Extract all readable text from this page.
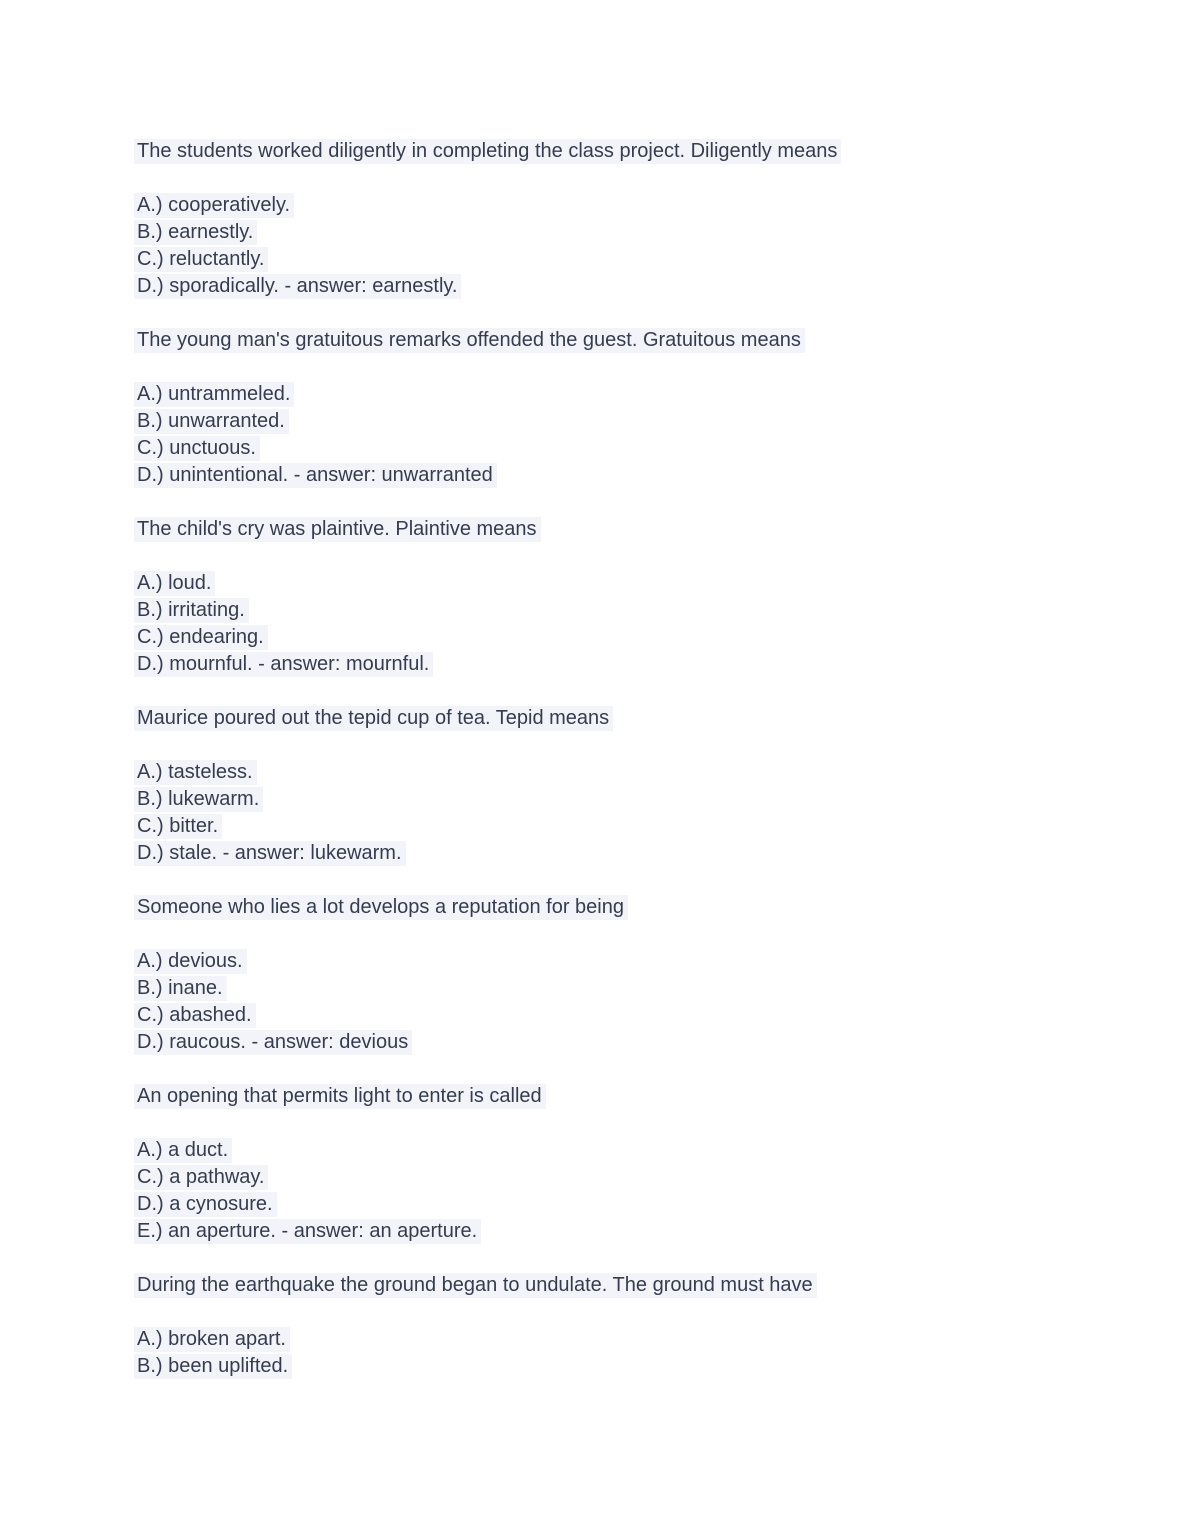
The students worked diligently in completing the class project. Diligently means
A.) cooperatively.
B.) earnestly.
C.) reluctantly.
D.) sporadically. - answer: earnestly.
The young man's gratuitous remarks offended the guest. Gratuitous means
A.) untrammeled.
B.) unwarranted.
C.) unctuous.
D.) unintentional. - answer: unwarranted
The child's cry was plaintive. Plaintive means
A.) loud.
B.) irritating.
C.) endearing.
D.) mournful. - answer: mournful.
Maurice poured out the tepid cup of tea. Tepid means
A.) tasteless.
B.) lukewarm.
C.) bitter.
D.) stale. - answer: lukewarm.
Someone who lies a lot develops a reputation for being
A.) devious.
B.) inane.
C.) abashed.
D.) raucous. - answer: devious
An opening that permits light to enter is called
A.) a duct.
C.) a pathway.
D.) a cynosure.
E.) an aperture. - answer: an aperture.
During the earthquake the ground began to undulate. The ground must have
A.) broken apart.
B.) been uplifted.
